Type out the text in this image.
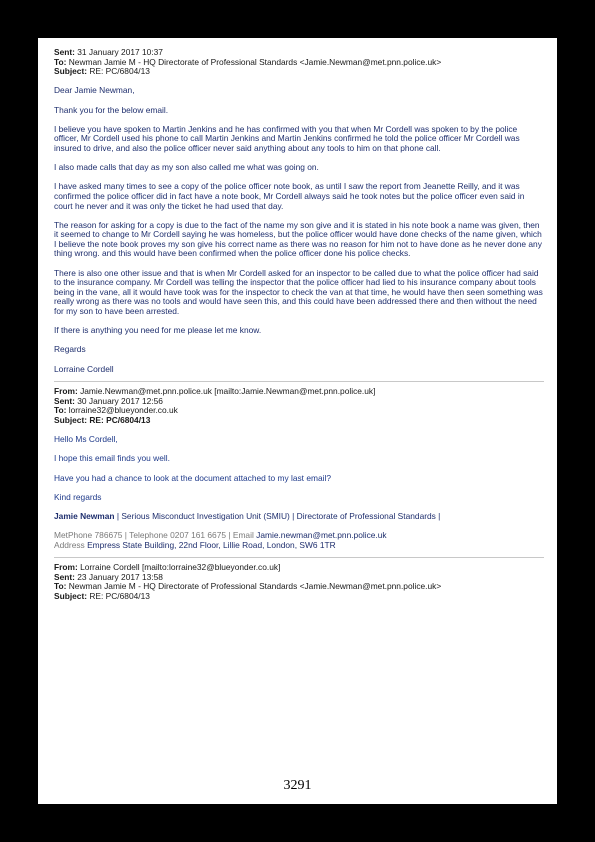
Sent: 31 January 2017 10:37

To: Newman Jamie M - HQ Directorate of Professional Standards <Jamie.Newman@met.pnn.police.uk>

Subject: RE: PC/6804/13

Dear Jamie Newman,

Thank you for the below email.

I believe you have spoken to Martin Jenkins and he has confirmed with you that when Mr Cordell was spoken to by the police officer, Mr Cordell used his phone to call Martin Jenkins and Martin Jenkins confirmed he told the police officer Mr Cordell was insured to drive, and also the police officer never said anything about any tools to him on that phone call.

I also made calls that day as my son also called me what was going on.

I have asked many times to see a copy of the police officer note book, as until I saw the report from Jeanette Reilly, and it was confirmed the police officer did in fact have a note book, Mr Cordell always said he took notes but the police officer even said in court he never and it was only the ticket he had used that day.

The reason for asking for a copy is due to the fact of the name my son give and it is stated in his note book a name was given, then it seemed to change to Mr Cordell saying he was homeless, but the police officer would have done checks of the name given, which I believe the note book proves my son give his correct name as there was no reason for him not to have done as he never done any thing wrong. and this would have been confirmed when the police officer done his police checks.

There is also one other issue and that is when Mr Cordell asked for an inspector to be called due to what the police officer had said to the insurance company. Mr Cordell was telling the inspector that the police officer had lied to his insurance company about tools being in the vane, all it would have took was for the inspector to check the van at that time, he would have then seen something was really wrong as there was no tools and would have seen this, and this could have been addressed there and then without the need for my son to have been arrested.

If there is anything you need for me please let me know.

Regards

Lorraine Cordell

From: Jamie.Newman@met.pnn.police.uk [mailto:Jamie.Newman@met.pnn.police.uk]

Sent: 30 January 2017 12:56

To: lorraine32@blueyonder.co.uk

Subject: RE: PC/6804/13

Hello Ms Cordell,

I hope this email finds you well.

Have you had a chance to look at the document attached to my last email?

Kind regards

Jamie Newman | Serious Misconduct Investigation Unit (SMIU) | Directorate of Professional Standards |

MetPhone 786675 | Telephone 0207 161 6675 | Email Jamie.newman@met.pnn.police.uk

Address Empress State Building, 22nd Floor, Lillie Road, London, SW6 1TR

From: Lorraine Cordell [mailto:lorraine32@blueyonder.co.uk]

Sent: 23 January 2017 13:58

To: Newman Jamie M - HQ Directorate of Professional Standards <Jamie.Newman@met.pnn.police.uk>

Subject: RE: PC/6804/13

3291
